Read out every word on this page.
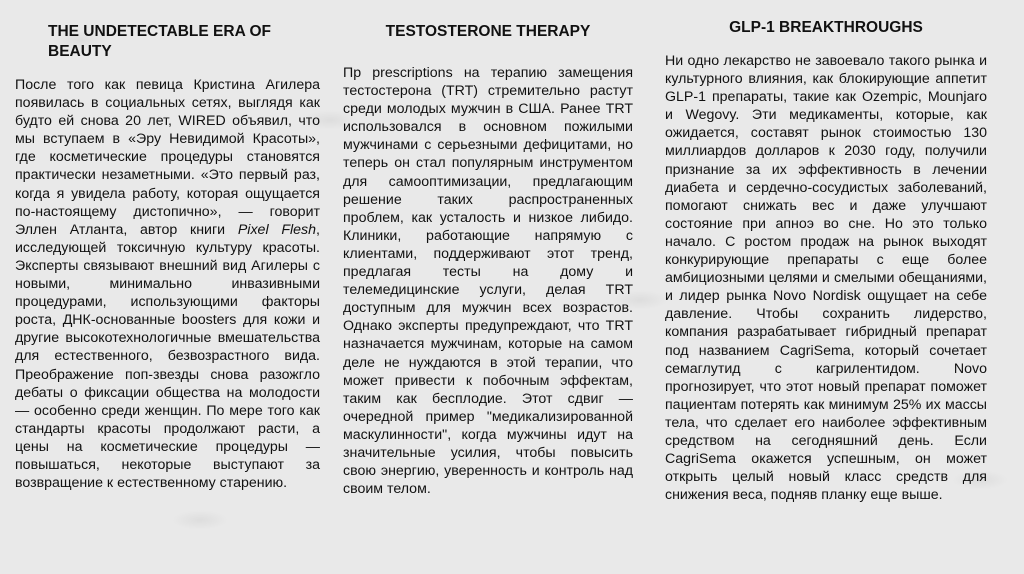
THE UNDETECTABLE ERA OF BEAUTY

После того как певица Кристина Агилера появилась в социальных сетях, выглядя как будто ей снова 20 лет, WIRED объявил, что мы вступаем в «Эру Невидимой Красоты», где косметические процедуры становятся практически незаметными. «Это первый раз, когда я увидела работу, которая ощущается по-настоящему дистопично», — говорит Эллен Атланта, автор книги Pixel Flesh, исследующей токсичную культуру красоты. Эксперты связывают внешний вид Агилеры с новыми, минимально инвазивными процедурами, использующими факторы роста, ДНК-основанные boosters для кожи и другие высокотехнологичные вмешательства для естественного, безвозрастного вида. Преображение поп-звезды снова разожгло дебаты о фиксации общества на молодости — особенно среди женщин. По мере того как стандарты красоты продолжают расти, а цены на косметические процедуры — повышаться, некоторые выступают за возвращение к естественному старению.

TESTOSTERONE THERAPY

Пр prescriptions на терапию замещения тестостерона (TRT) стремительно растут среди молодых мужчин в США. Ранее TRT использовался в основном пожилыми мужчинами с серьезными дефицитами, но теперь он стал популярным инструментом для самооптимизации, предлагающим решение таких распространенных проблем, как усталость и низкое либидо. Клиники, работающие напрямую с клиентами, поддерживают этот тренд, предлагая тесты на дому и телемедицинские услуги, делая TRT доступным для мужчин всех возрастов. Однако эксперты предупреждают, что TRT назначается мужчинам, которые на самом деле не нуждаются в этой терапии, что может привести к побочным эффектам, таким как бесплодие. Этот сдвиг — очередной пример "медикализированной маскулинности", когда мужчины идут на значительные усилия, чтобы повысить свою энергию, уверенность и контроль над своим телом.

GLP-1 BREAKTHROUGHS

Ни одно лекарство не завоевало такого рынка и культурного влияния, как блокирующие аппетит GLP-1 препараты, такие как Ozempic, Mounjaro и Wegovy. Эти медикаменты, которые, как ожидается, составят рынок стоимостью 130 миллиардов долларов к 2030 году, получили признание за их эффективность в лечении диабета и сердечно-сосудистых заболеваний, помогают снижать вес и даже улучшают состояние при апноэ во сне. Но это только начало. С ростом продаж на рынок выходят конкурирующие препараты с еще более амбициозными целями и смелыми обещаниями, и лидер рынка Novo Nordisk ощущает на себе давление. Чтобы сохранить лидерство, компания разрабатывает гибридный препарат под названием CagriSema, который сочетает семаглутид с кагрилентидом. Novo прогнозирует, что этот новый препарат поможет пациентам потерять как минимум 25% их массы тела, что сделает его наиболее эффективным средством на сегодняшний день. Если CagriSema окажется успешным, он может открыть целый новый класс средств для снижения веса, подняв планку еще выше.
